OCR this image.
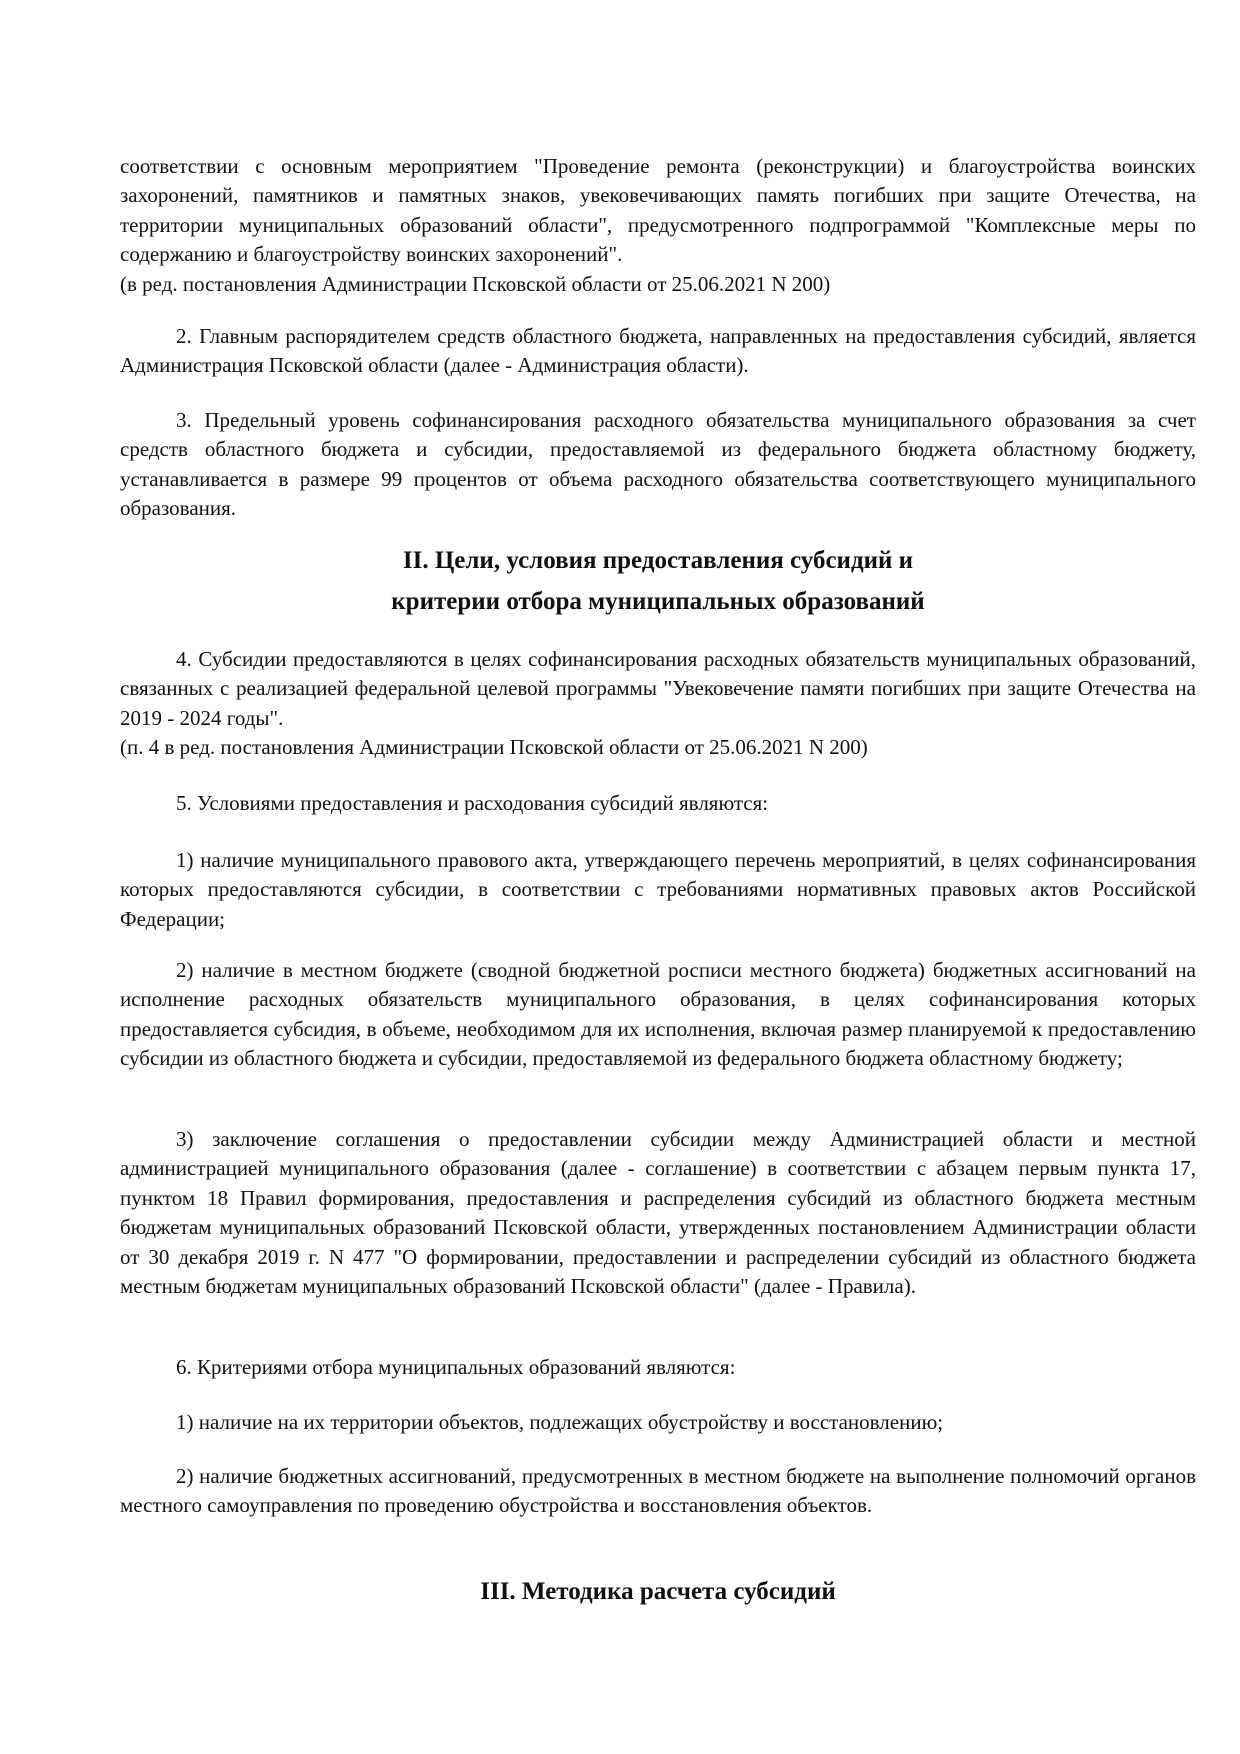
соответствии с основным мероприятием "Проведение ремонта (реконструкции) и благоустройства воинских захоронений, памятников и памятных знаков, увековечивающих память погибших при защите Отечества, на территории муниципальных образований области", предусмотренного подпрограммой "Комплексные меры по содержанию и благоустройству воинских захоронений".

(в ред. постановления Администрации Псковской области от 25.06.2021 N 200)

2. Главным распорядителем средств областного бюджета, направленных на предоставления субсидий, является Администрация Псковской области (далее - Администрация области).

3. Предельный уровень софинансирования расходного обязательства муниципального образования за счет средств областного бюджета и субсидии, предоставляемой из федерального бюджета областному бюджету, устанавливается в размере 99 процентов от объема расходного обязательства соответствующего муниципального образования.

II. Цели, условия предоставления субсидий и
критерии отбора муниципальных образований

4. Субсидии предоставляются в целях софинансирования расходных обязательств муниципальных образований, связанных с реализацией федеральной целевой программы "Увековечение памяти погибших при защите Отечества на 2019 - 2024 годы".

(п. 4 в ред. постановления Администрации Псковской области от 25.06.2021 N 200)

5. Условиями предоставления и расходования субсидий являются:

1) наличие муниципального правового акта, утверждающего перечень мероприятий, в целях софинансирования которых предоставляются субсидии, в соответствии с требованиями нормативных правовых актов Российской Федерации;

2) наличие в местном бюджете (сводной бюджетной росписи местного бюджета) бюджетных ассигнований на исполнение расходных обязательств муниципального образования, в целях софинансирования которых предоставляется субсидия, в объеме, необходимом для их исполнения, включая размер планируемой к предоставлению субсидии из областного бюджета и субсидии, предоставляемой из федерального бюджета областному бюджету;

3) заключение соглашения о предоставлении субсидии между Администрацией области и местной администрацией муниципального образования (далее - соглашение) в соответствии с абзацем первым пункта 17, пунктом 18 Правил формирования, предоставления и распределения субсидий из областного бюджета местным бюджетам муниципальных образований Псковской области, утвержденных постановлением Администрации области от 30 декабря 2019 г. N 477 "О формировании, предоставлении и распределении субсидий из областного бюджета местным бюджетам муниципальных образований Псковской области" (далее - Правила).

6. Критериями отбора муниципальных образований являются:

1) наличие на их территории объектов, подлежащих обустройству и восстановлению;

2) наличие бюджетных ассигнований, предусмотренных в местном бюджете на выполнение полномочий органов местного самоуправления по проведению обустройства и восстановления объектов.

III. Методика расчета субсидий
